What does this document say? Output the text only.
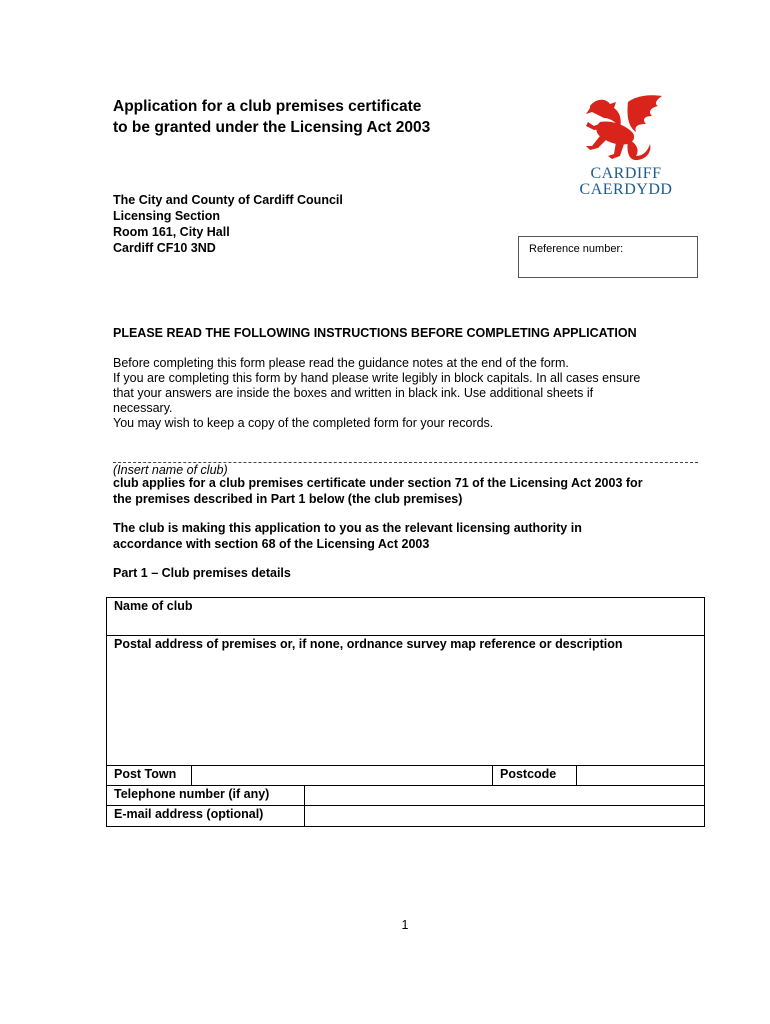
Application for a club premises certificate
to be granted under the Licensing Act 2003
CARDIFF
CAERDYDD
The City and County of Cardiff Council
Licensing Section
Room 161, City Hall
Cardiff CF10 3ND	Reference number:
PLEASE READ THE FOLLOWING INSTRUCTIONS BEFORE COMPLETING APPLICATION
Before completing this form please read the guidance notes at the end of the form.
If you are completing this form by hand please write legibly in block capitals. In all cases ensure
that your answers are inside the boxes and written in black ink. Use additional sheets if
necessary.
You may wish to keep a copy of the completed form for your records.
(Insert name of club)
club applies for a club premises certificate under section 71 of the Licensing Act 2003 for
the premises described in Part 1 below (the club premises)
The club is making this application to you as the relevant licensing authority in
accordance with section 68 of the Licensing Act 2003
Part 1 – Club premises details
Name of club
Postal address of premises or, if none, ordnance survey map reference or description
Post Town	Postcode
Telephone number (if any)
E-mail address (optional)
1
